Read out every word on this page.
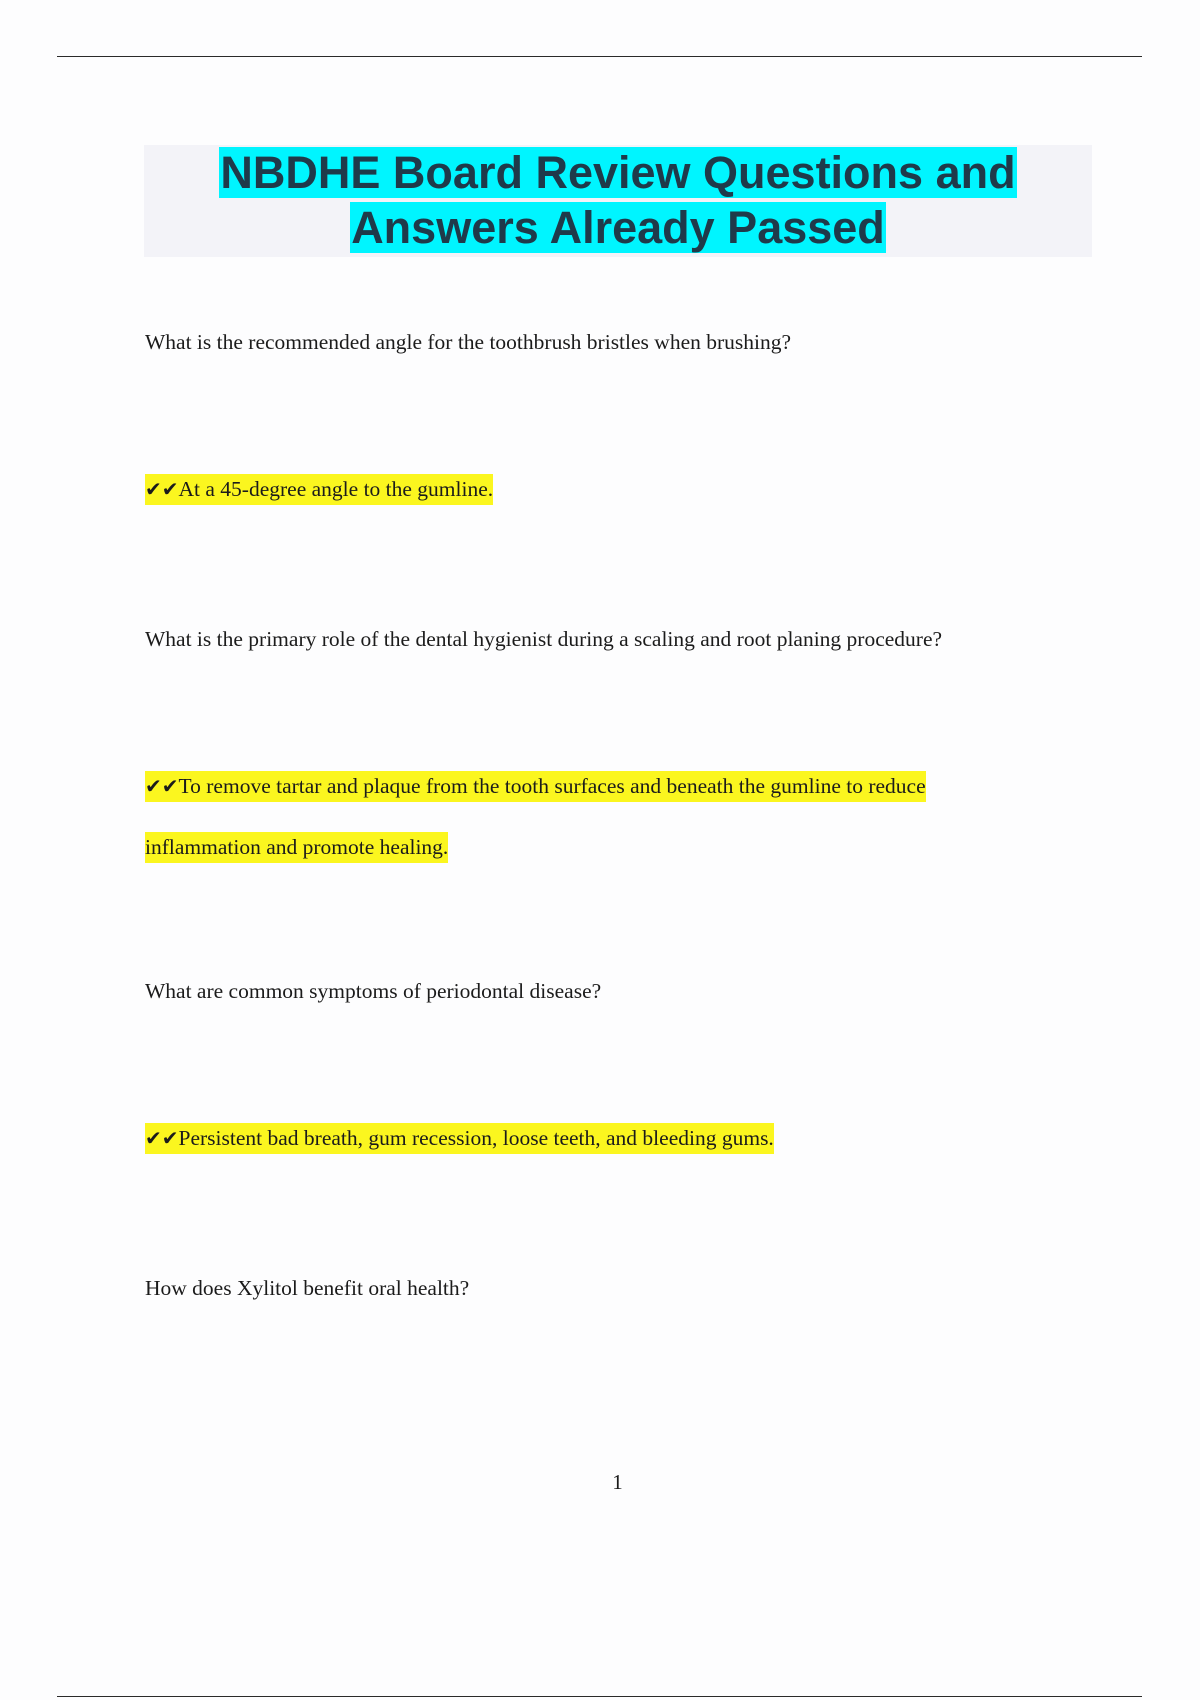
NBDHE Board Review Questions and
Answers Already Passed

What is the recommended angle for the toothbrush bristles when brushing?

✔✔At a 45-degree angle to the gumline.

What is the primary role of the dental hygienist during a scaling and root planing procedure?

✔✔To remove tartar and plaque from the tooth surfaces and beneath the gumline to reduce
inflammation and promote healing.

What are common symptoms of periodontal disease?

✔✔Persistent bad breath, gum recession, loose teeth, and bleeding gums.

How does Xylitol benefit oral health?

1
